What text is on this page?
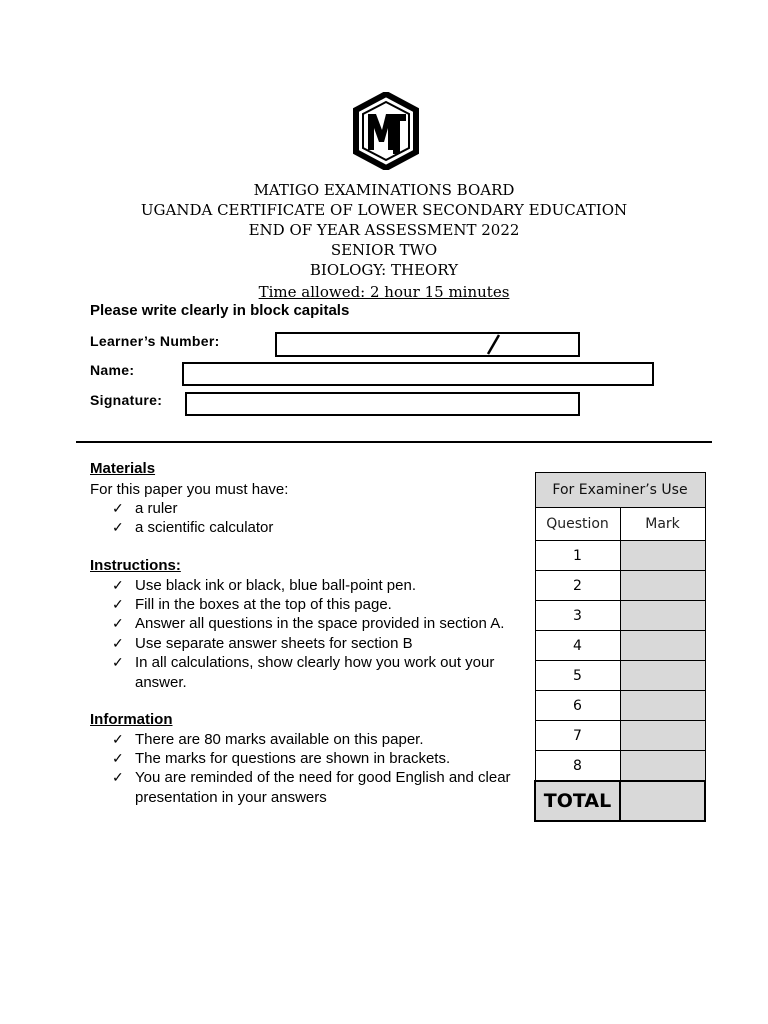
MATIGO EXAMINATIONS BOARD
UGANDA CERTIFICATE OF LOWER SECONDARY EDUCATION
END OF YEAR ASSESSMENT 2022
SENIOR TWO
BIOLOGY: THEORY
Time allowed: 2 hour 15 minutes
Please write clearly in block capitals
Learner’s Number:
Name:
Signature:
Materials
For this paper you must have:
✓ a ruler
✓ a scientific calculator
Instructions:
✓ Use black ink or black, blue ball-point pen.
✓ Fill in the boxes at the top of this page.
✓ Answer all questions in the space provided in section A.
✓ Use separate answer sheets for section B
✓ In all calculations, show clearly how you work out your answer.
Information
✓ There are 80 marks available on this paper.
✓ The marks for questions are shown in brackets.
✓ You are reminded of the need for good English and clear presentation in your answers
For Examiner’s Use	
Question	Mark
1	
2	
3	
4	
5	
6	
7	
8	
TOTAL	
